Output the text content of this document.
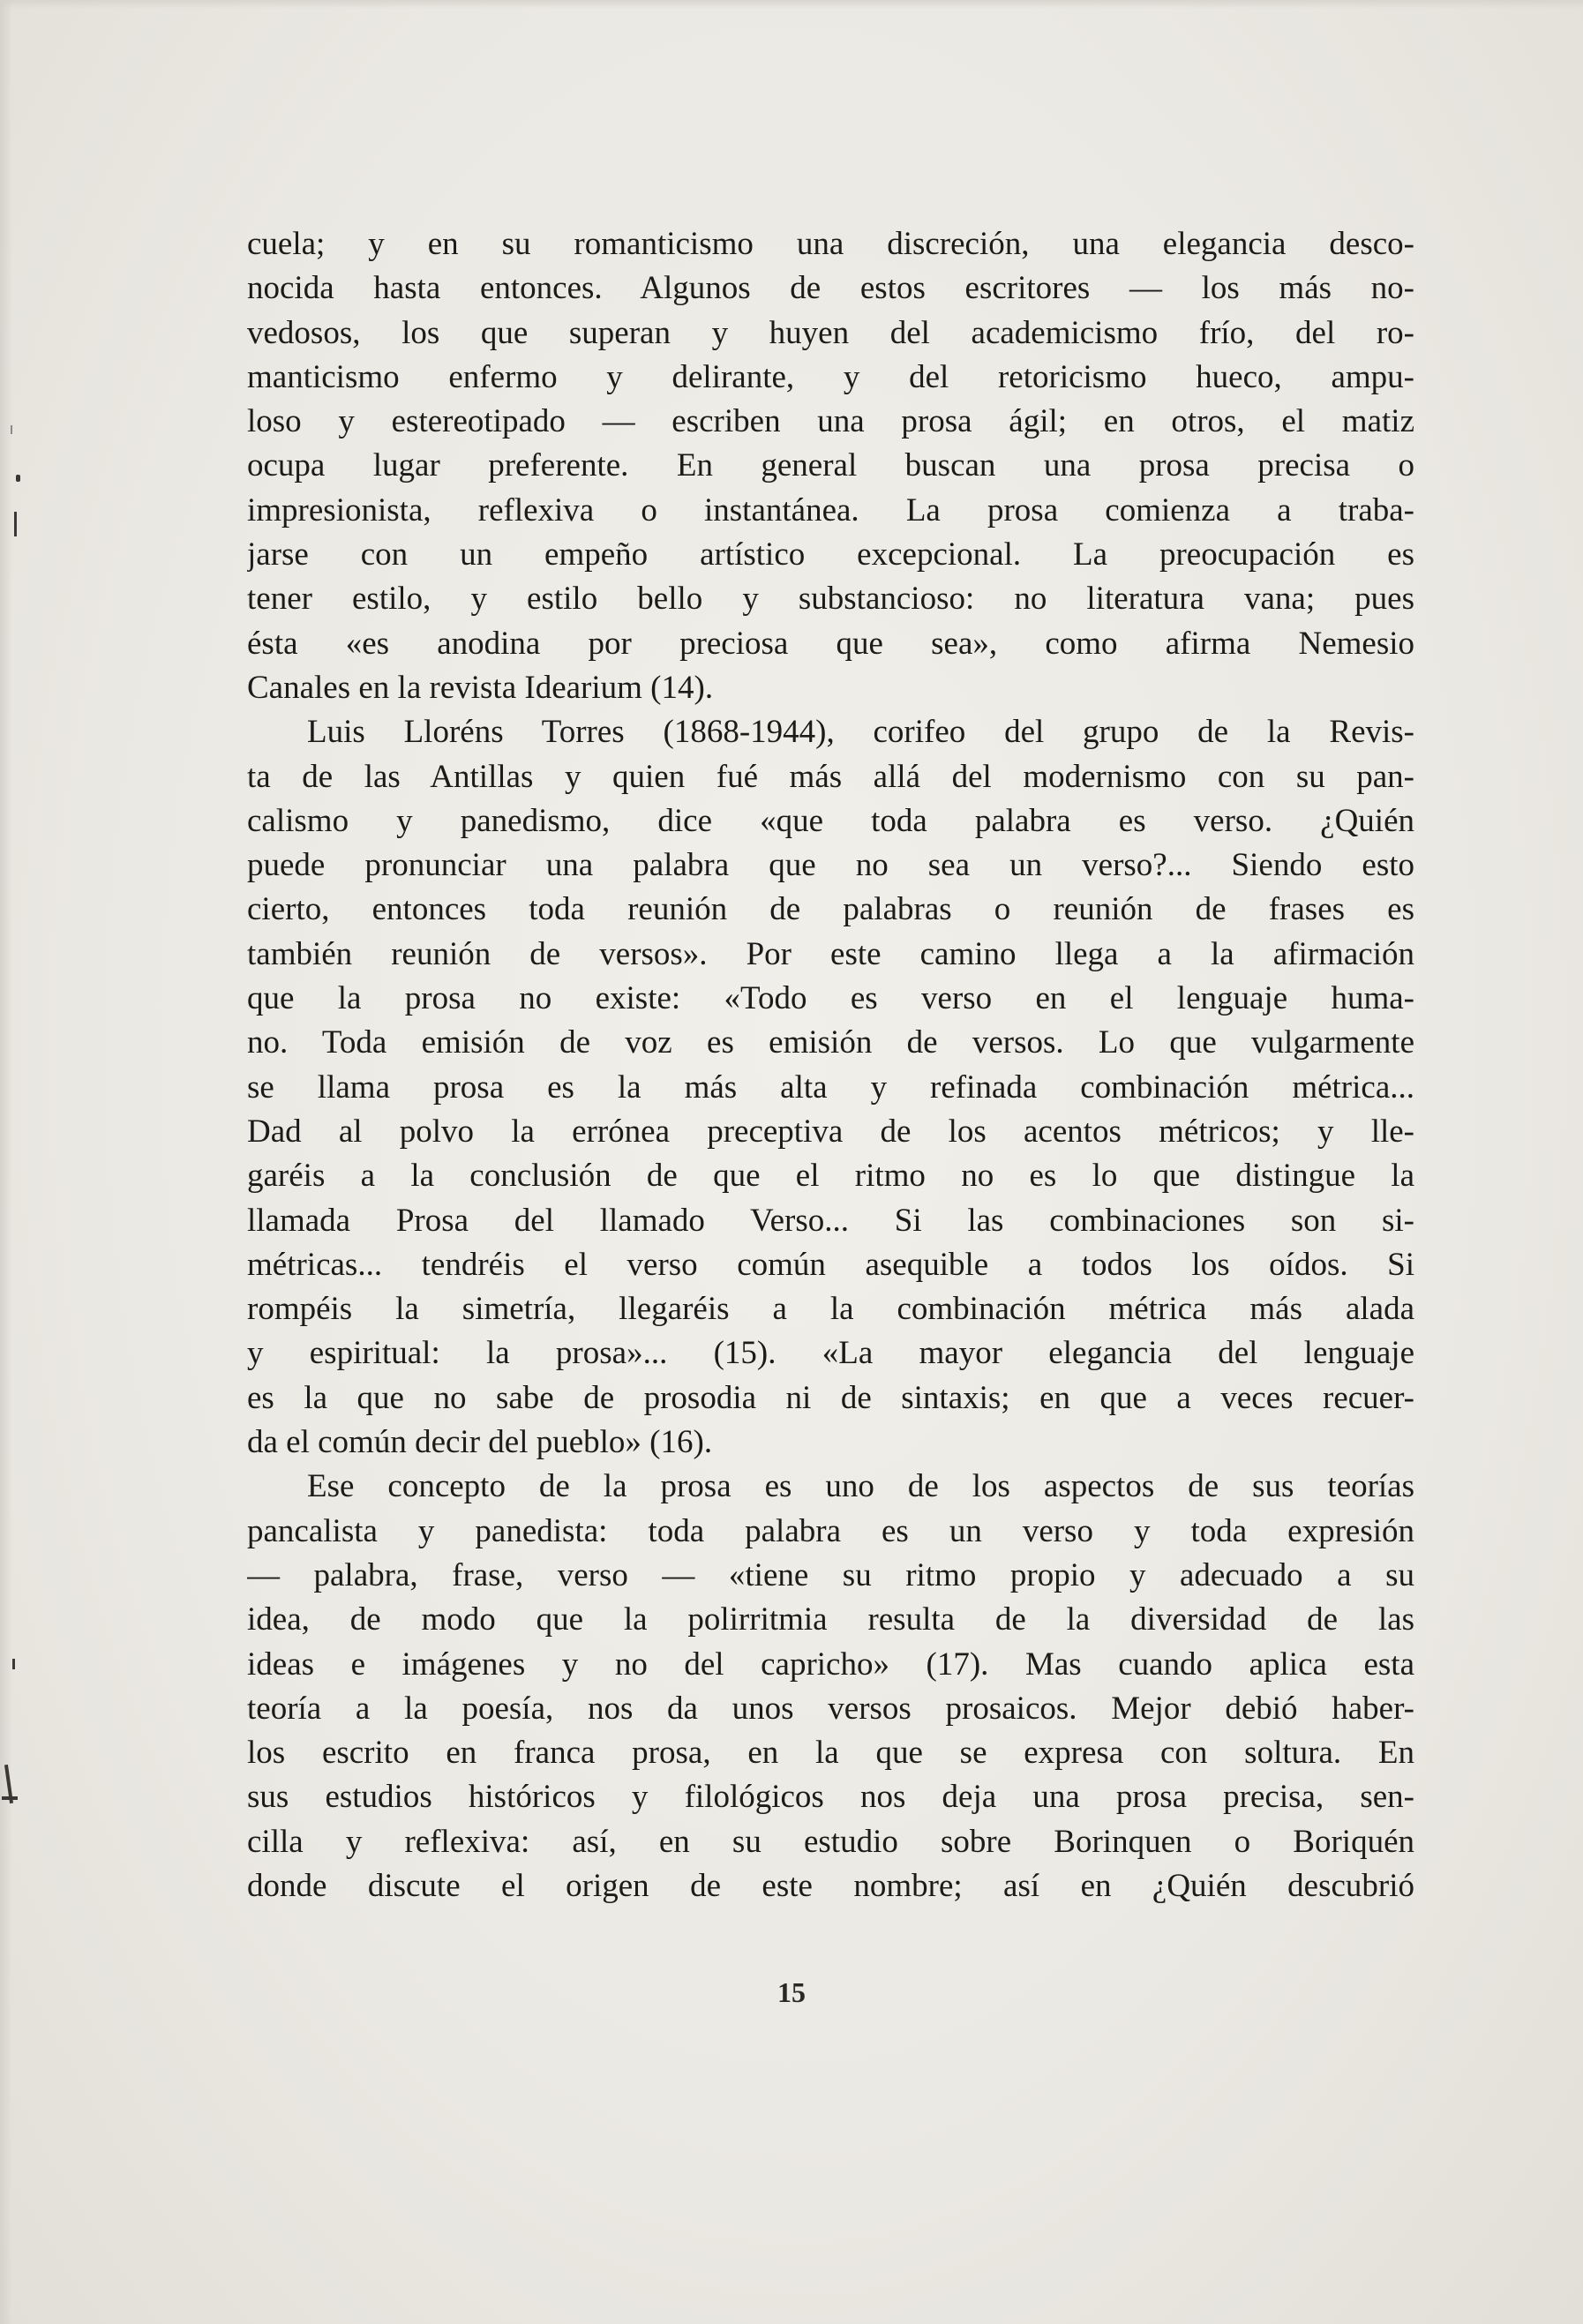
cuela; y en su romanticismo una discreción, una elegancia desco-
nocida hasta entonces. Algunos de estos escritores — los más no-
vedosos, los que superan y huyen del academicismo frío, del ro-
manticismo enfermo y delirante, y del retoricismo hueco, ampu-
loso y estereotipado — escriben una prosa ágil; en otros, el matiz
ocupa lugar preferente. En general buscan una prosa precisa o
impresionista, reflexiva o instantánea. La prosa comienza a traba-
jarse con un empeño artístico excepcional. La preocupación es
tener estilo, y estilo bello y substancioso: no literatura vana; pues
ésta «es anodina por preciosa que sea», como afirma Nemesio
Canales en la revista Idearium (14).
Luis Lloréns Torres (1868-1944), corifeo del grupo de la Revis-
ta de las Antillas y quien fué más allá del modernismo con su pan-
calismo y panedismo, dice «que toda palabra es verso. ¿Quién
puede pronunciar una palabra que no sea un verso?... Siendo esto
cierto, entonces toda reunión de palabras o reunión de frases es
también reunión de versos». Por este camino llega a la afirmación
que la prosa no existe: «Todo es verso en el lenguaje huma-
no. Toda emisión de voz es emisión de versos. Lo que vulgarmente
se llama prosa es la más alta y refinada combinación métrica...
Dad al polvo la errónea preceptiva de los acentos métricos; y lle-
garéis a la conclusión de que el ritmo no es lo que distingue la
llamada Prosa del llamado Verso... Si las combinaciones son si-
métricas... tendréis el verso común asequible a todos los oídos. Si
rompéis la simetría, llegaréis a la combinación métrica más alada
y espiritual: la prosa»... (15). «La mayor elegancia del lenguaje
es la que no sabe de prosodia ni de sintaxis; en que a veces recuer-
da el común decir del pueblo» (16).
Ese concepto de la prosa es uno de los aspectos de sus teorías
pancalista y panedista: toda palabra es un verso y toda expresión
— palabra, frase, verso — «tiene su ritmo propio y adecuado a su
idea, de modo que la polirritmia resulta de la diversidad de las
ideas e imágenes y no del capricho» (17). Mas cuando aplica esta
teoría a la poesía, nos da unos versos prosaicos. Mejor debió haber-
los escrito en franca prosa, en la que se expresa con soltura. En
sus estudios históricos y filológicos nos deja una prosa precisa, sen-
cilla y reflexiva: así, en su estudio sobre Borinquen o Boriquén
donde discute el origen de este nombre; así en ¿Quién descubrió
15
